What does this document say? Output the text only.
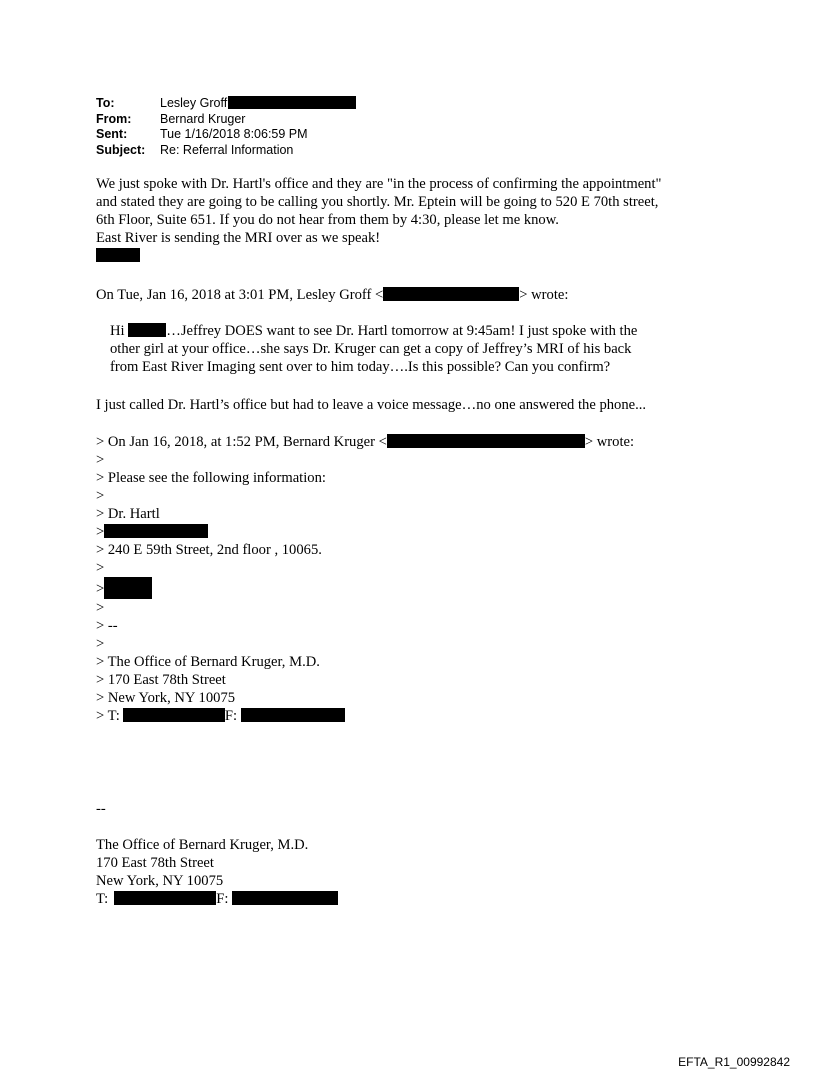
To:	Lesley Groff
From:	Bernard Kruger
Sent:	Tue 1/16/2018 8:06:59 PM
Subject:	Re: Referral Information
We just spoke with Dr. Hartl's office and they are "in the process of confirming the appointment"
and stated they are going to be calling you shortly. Mr. Eptein will be going to 520 E 70th street,
6th Floor, Suite 651. If you do not hear from them by 4:30, please let me know.
East River is sending the MRI over as we speak!
On Tue, Jan 16, 2018 at 3:01 PM, Lesley Groff <	> wrote:
Hi	…Jeffrey DOES want to see Dr. Hartl tomorrow at 9:45am! I just spoke with the
other girl at your office…she says Dr. Kruger can get a copy of Jeffrey’s MRI of his back
from East River Imaging sent over to him today….Is this possible? Can you confirm?
I just called Dr. Hartl’s office but had to leave a voice message…no one answered the phone...
> On Jan 16, 2018, at 1:52 PM, Bernard Kruger <	> wrote:
>
> Please see the following information:
>
> Dr. Hartl
>
> 240 E 59th Street, 2nd floor , 10065.
>
>
>
> --
>
> The Office of Bernard Kruger, M.D.
> 170 East 78th Street
> New York, NY 10075
> T:	F:
--

The Office of Bernard Kruger, M.D.
170 East 78th Street
New York, NY 10075
T:	F:
EFTA_R1_00992842
